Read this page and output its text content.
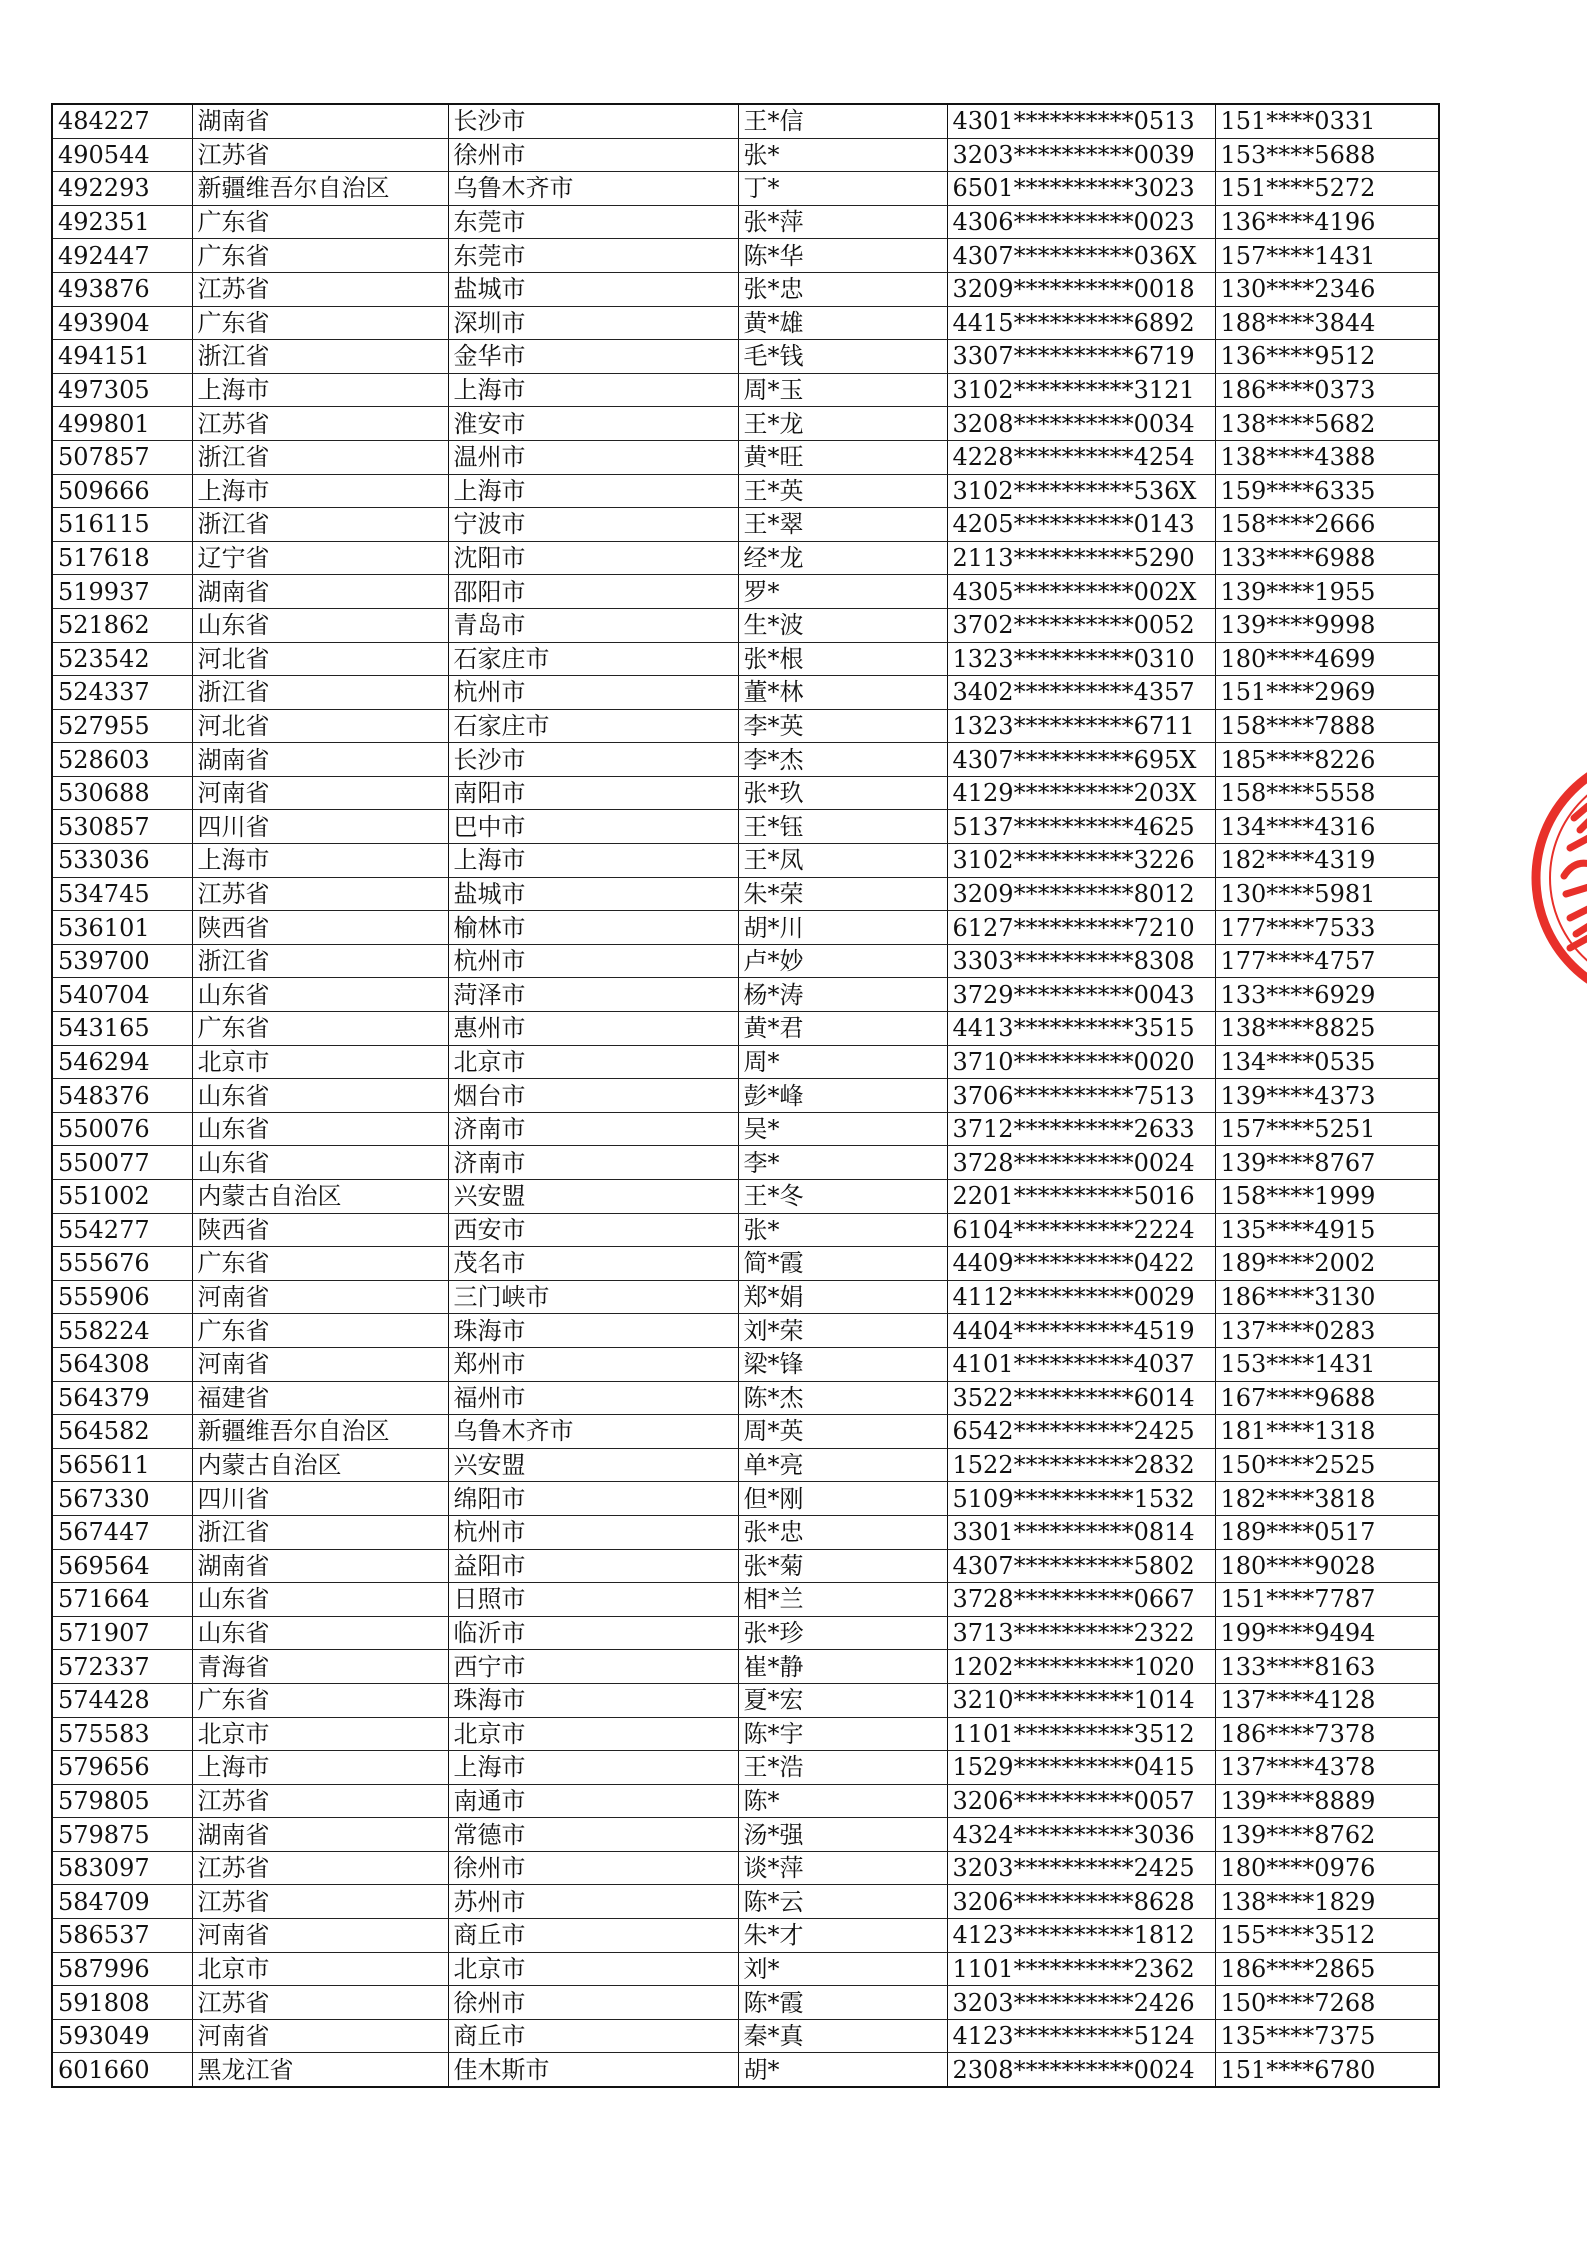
484227	湖南省	长沙市	王*信	4301**********0513	151****0331
490544	江苏省	徐州市	张*	3203**********0039	153****5688
492293	新疆维吾尔自治区	乌鲁木齐市	丁*	6501**********3023	151****5272
492351	广东省	东莞市	张*萍	4306**********0023	136****4196
492447	广东省	东莞市	陈*华	4307**********036X	157****1431
493876	江苏省	盐城市	张*忠	3209**********0018	130****2346
493904	广东省	深圳市	黄*雄	4415**********6892	188****3844
494151	浙江省	金华市	毛*钱	3307**********6719	136****9512
497305	上海市	上海市	周*玉	3102**********3121	186****0373
499801	江苏省	淮安市	王*龙	3208**********0034	138****5682
507857	浙江省	温州市	黄*旺	4228**********4254	138****4388
509666	上海市	上海市	王*英	3102**********536X	159****6335
516115	浙江省	宁波市	王*翠	4205**********0143	158****2666
517618	辽宁省	沈阳市	经*龙	2113**********5290	133****6988
519937	湖南省	邵阳市	罗*	4305**********002X	139****1955
521862	山东省	青岛市	生*波	3702**********0052	139****9998
523542	河北省	石家庄市	张*根	1323**********0310	180****4699
524337	浙江省	杭州市	董*林	3402**********4357	151****2969
527955	河北省	石家庄市	李*英	1323**********6711	158****7888
528603	湖南省	长沙市	李*杰	4307**********695X	185****8226
530688	河南省	南阳市	张*玖	4129**********203X	158****5558
530857	四川省	巴中市	王*钰	5137**********4625	134****4316
533036	上海市	上海市	王*凤	3102**********3226	182****4319
534745	江苏省	盐城市	朱*荣	3209**********8012	130****5981
536101	陕西省	榆林市	胡*川	6127**********7210	177****7533
539700	浙江省	杭州市	卢*妙	3303**********8308	177****4757
540704	山东省	菏泽市	杨*涛	3729**********0043	133****6929
543165	广东省	惠州市	黄*君	4413**********3515	138****8825
546294	北京市	北京市	周*	3710**********0020	134****0535
548376	山东省	烟台市	彭*峰	3706**********7513	139****4373
550076	山东省	济南市	吴*	3712**********2633	157****5251
550077	山东省	济南市	李*	3728**********0024	139****8767
551002	内蒙古自治区	兴安盟	王*冬	2201**********5016	158****1999
554277	陕西省	西安市	张*	6104**********2224	135****4915
555676	广东省	茂名市	简*霞	4409**********0422	189****2002
555906	河南省	三门峡市	郑*娟	4112**********0029	186****3130
558224	广东省	珠海市	刘*荣	4404**********4519	137****0283
564308	河南省	郑州市	梁*锋	4101**********4037	153****1431
564379	福建省	福州市	陈*杰	3522**********6014	167****9688
564582	新疆维吾尔自治区	乌鲁木齐市	周*英	6542**********2425	181****1318
565611	内蒙古自治区	兴安盟	单*亮	1522**********2832	150****2525
567330	四川省	绵阳市	但*刚	5109**********1532	182****3818
567447	浙江省	杭州市	张*忠	3301**********0814	189****0517
569564	湖南省	益阳市	张*菊	4307**********5802	180****9028
571664	山东省	日照市	相*兰	3728**********0667	151****7787
571907	山东省	临沂市	张*珍	3713**********2322	199****9494
572337	青海省	西宁市	崔*静	1202**********1020	133****8163
574428	广东省	珠海市	夏*宏	3210**********1014	137****4128
575583	北京市	北京市	陈*宇	1101**********3512	186****7378
579656	上海市	上海市	王*浩	1529**********0415	137****4378
579805	江苏省	南通市	陈*	3206**********0057	139****8889
579875	湖南省	常德市	汤*强	4324**********3036	139****8762
583097	江苏省	徐州市	谈*萍	3203**********2425	180****0976
584709	江苏省	苏州市	陈*云	3206**********8628	138****1829
586537	河南省	商丘市	朱*才	4123**********1812	155****3512
587996	北京市	北京市	刘*	1101**********2362	186****2865
591808	江苏省	徐州市	陈*霞	3203**********2426	150****7268
593049	河南省	商丘市	秦*真	4123**********5124	135****7375
601660	黑龙江省	佳木斯市	胡*	2308**********0024	151****6780
